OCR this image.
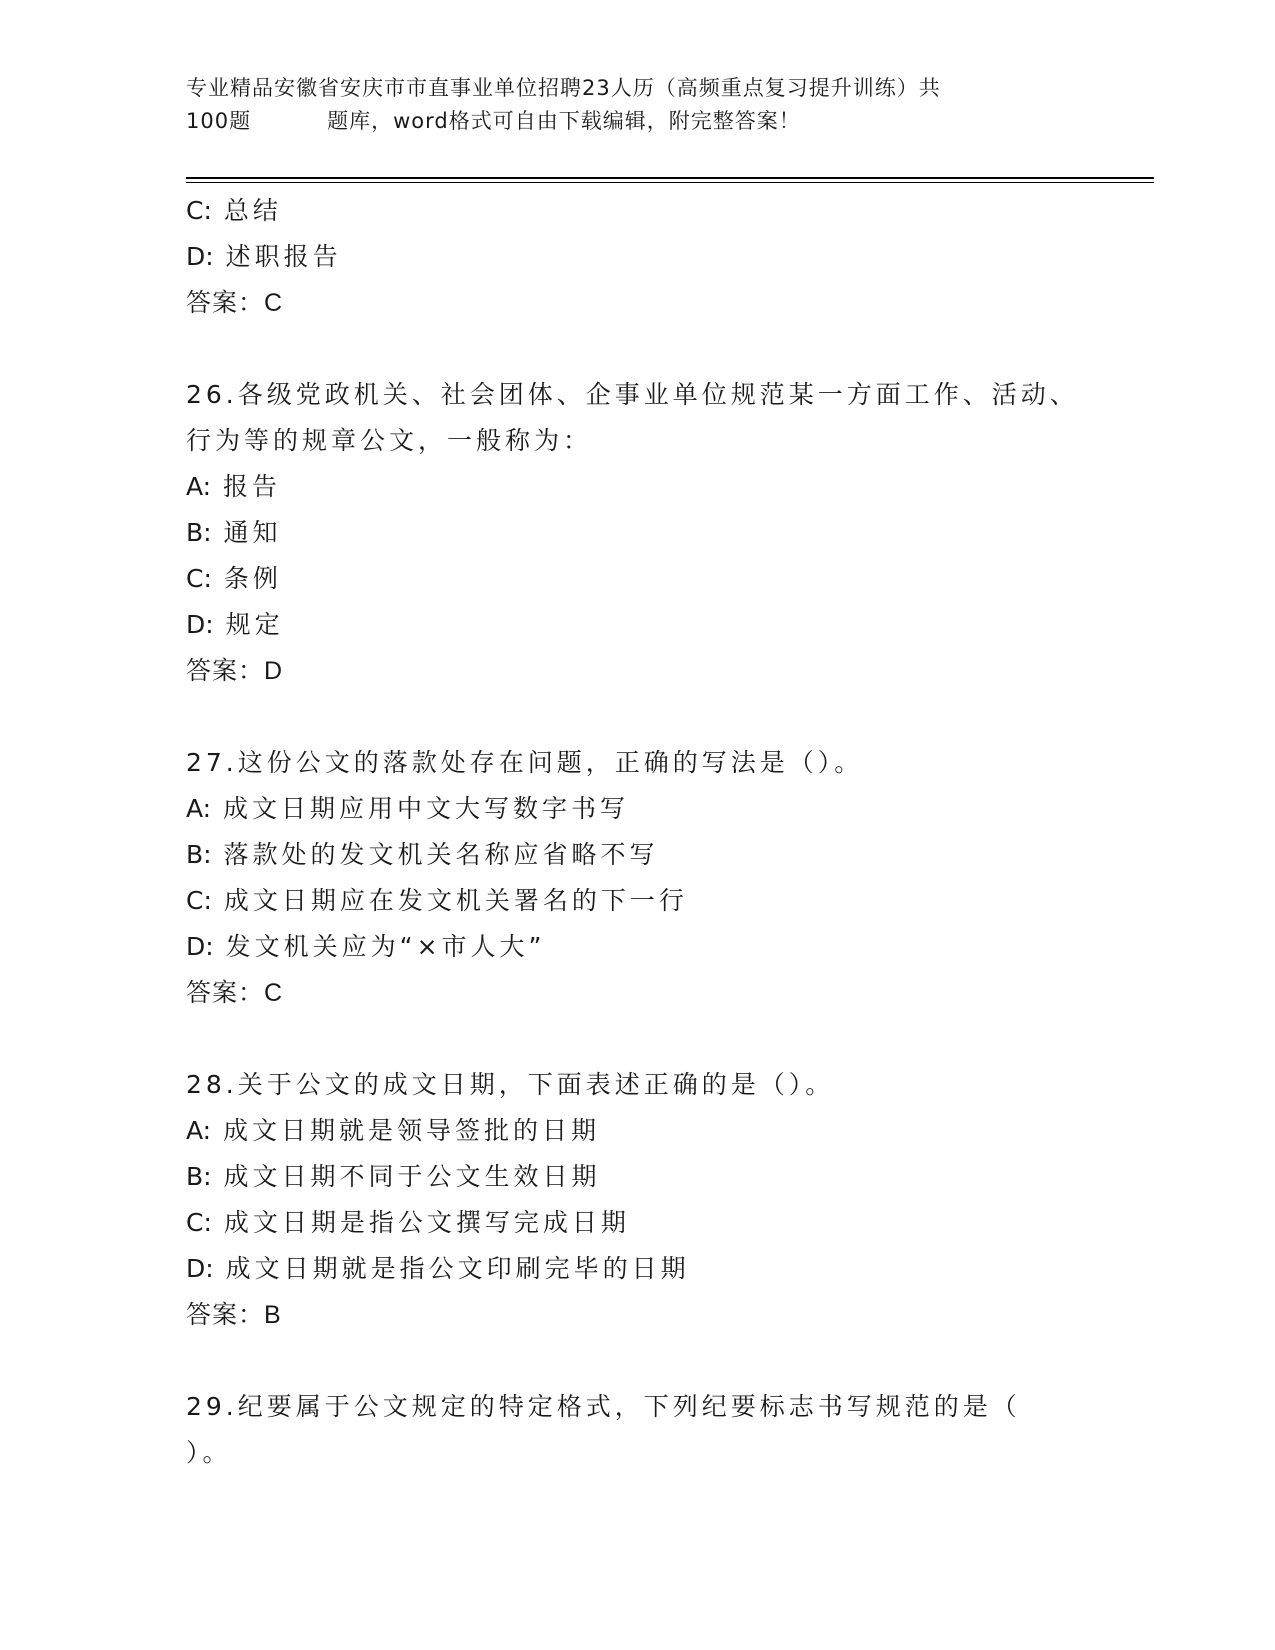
专业精品安徽省安庆市市直事业单位招聘23人历（高频重点复习提升训练）共
100题	题库，word格式可自由下载编辑，附完整答案！
C: 总结
D: 述职报告
答案：C
26.各级党政机关、社会团体、企事业单位规范某一方面工作、活动、
行为等的规章公文，一般称为：
A: 报告
B: 通知
C: 条例
D: 规定
答案：D
27.这份公文的落款处存在问题，正确的写法是（）。
A: 成文日期应用中文大写数字书写
B: 落款处的发文机关名称应省略不写
C: 成文日期应在发文机关署名的下一行
D: 发文机关应为“×市人大”
答案：C
28.关于公文的成文日期，下面表述正确的是（）。
A: 成文日期就是领导签批的日期
B: 成文日期不同于公文生效日期
C: 成文日期是指公文撰写完成日期
D: 成文日期就是指公文印刷完毕的日期
答案：B
29.纪要属于公文规定的特定格式，下列纪要标志书写规范的是（
）。
